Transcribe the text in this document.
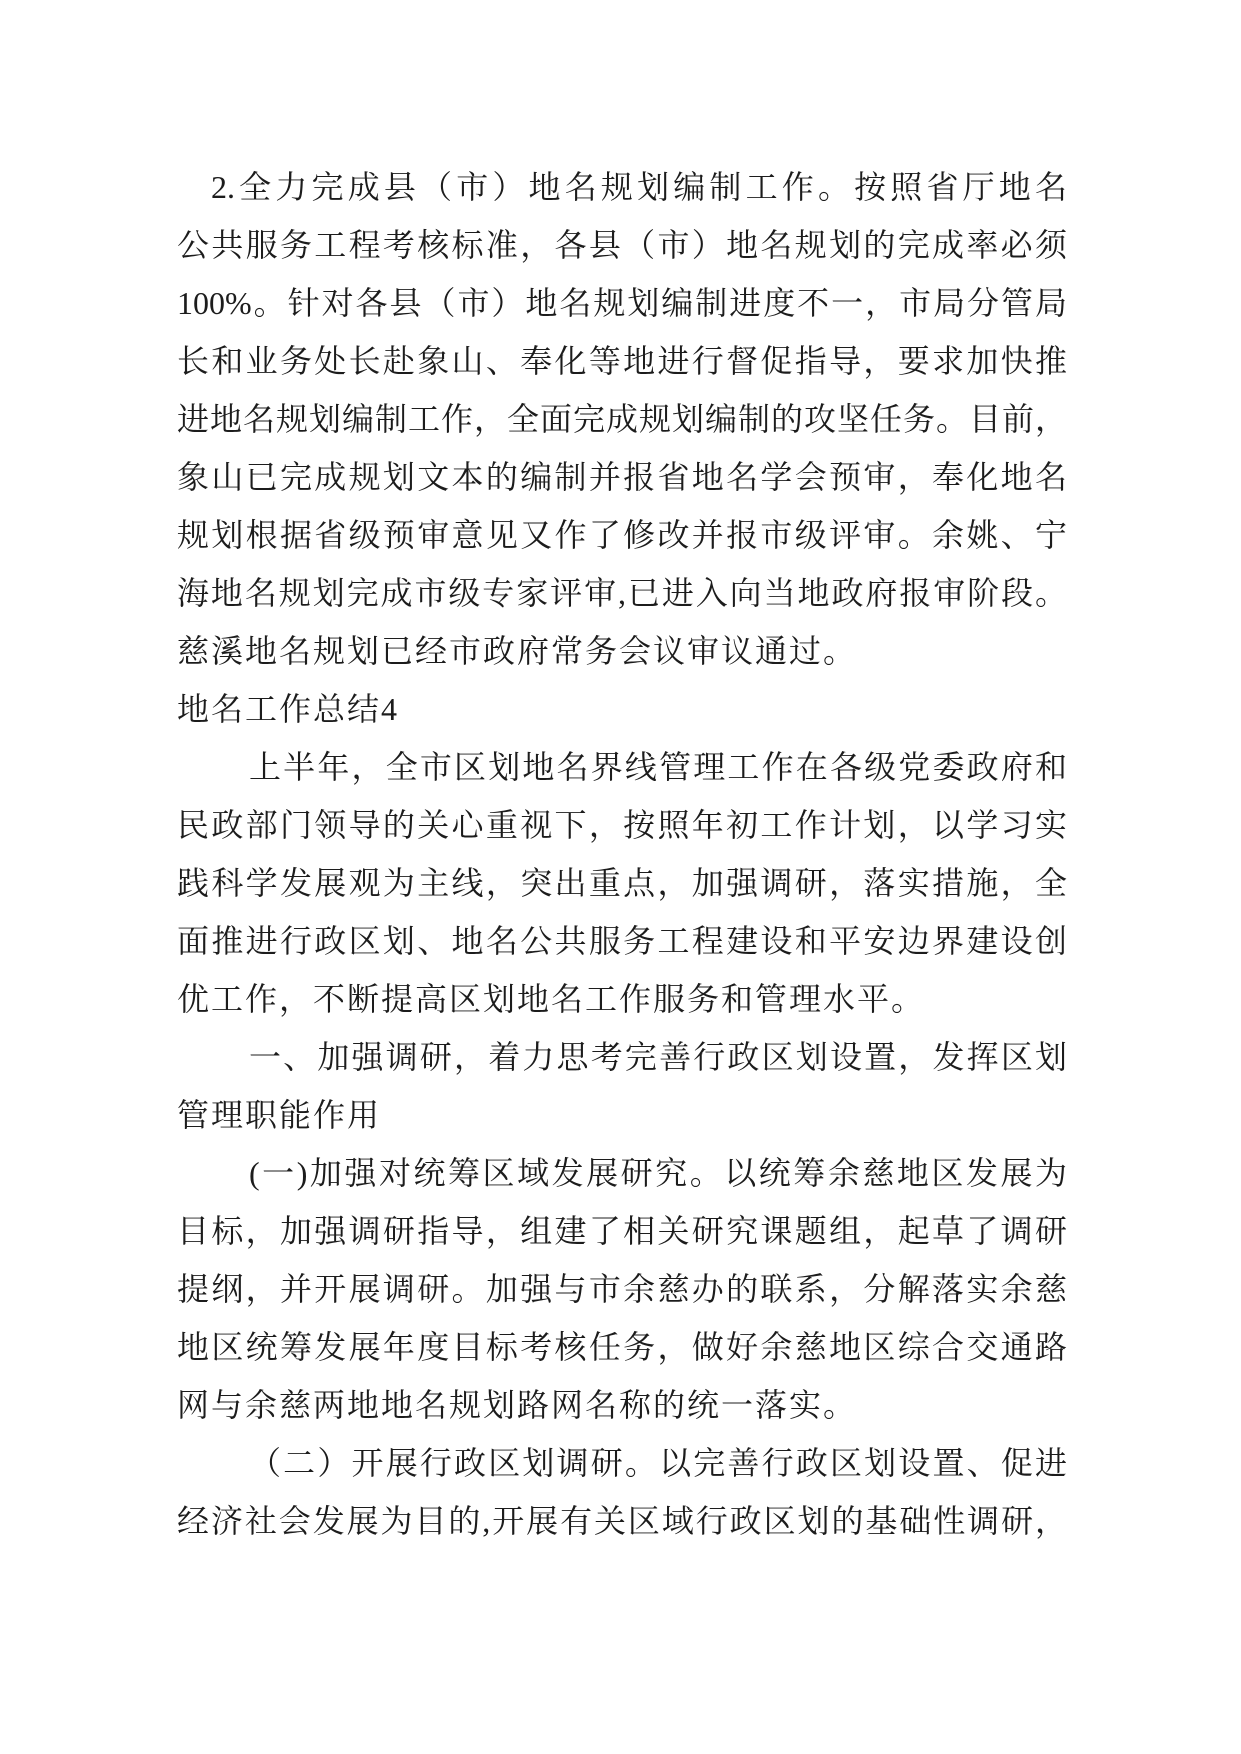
2.全力完成县（市）地名规划编制工作。按照省厅地名
公共服务工程考核标准，各县（市）地名规划的完成率必须
100%。针对各县（市）地名规划编制进度不一，市局分管局
长和业务处长赴象山、奉化等地进行督促指导，要求加快推
进地名规划编制工作，全面完成规划编制的攻坚任务。目前，
象山已完成规划文本的编制并报省地名学会预审，奉化地名
规划根据省级预审意见又作了修改并报市级评审。余姚、宁
海地名规划完成市级专家评审,已进入向当地政府报审阶段。
慈溪地名规划已经市政府常务会议审议通过。
地名工作总结4
上半年，全市区划地名界线管理工作在各级党委政府和
民政部门领导的关心重视下，按照年初工作计划，以学习实
践科学发展观为主线，突出重点，加强调研，落实措施，全
面推进行政区划、地名公共服务工程建设和平安边界建设创
优工作，不断提高区划地名工作服务和管理水平。
一、加强调研，着力思考完善行政区划设置，发挥区划
管理职能作用
(一)加强对统筹区域发展研究。以统筹余慈地区发展为
目标，加强调研指导，组建了相关研究课题组，起草了调研
提纲，并开展调研。加强与市余慈办的联系，分解落实余慈
地区统筹发展年度目标考核任务，做好余慈地区综合交通路
网与余慈两地地名规划路网名称的统一落实。
（二）开展行政区划调研。以完善行政区划设置、促进
经济社会发展为目的,开展有关区域行政区划的基础性调研，
